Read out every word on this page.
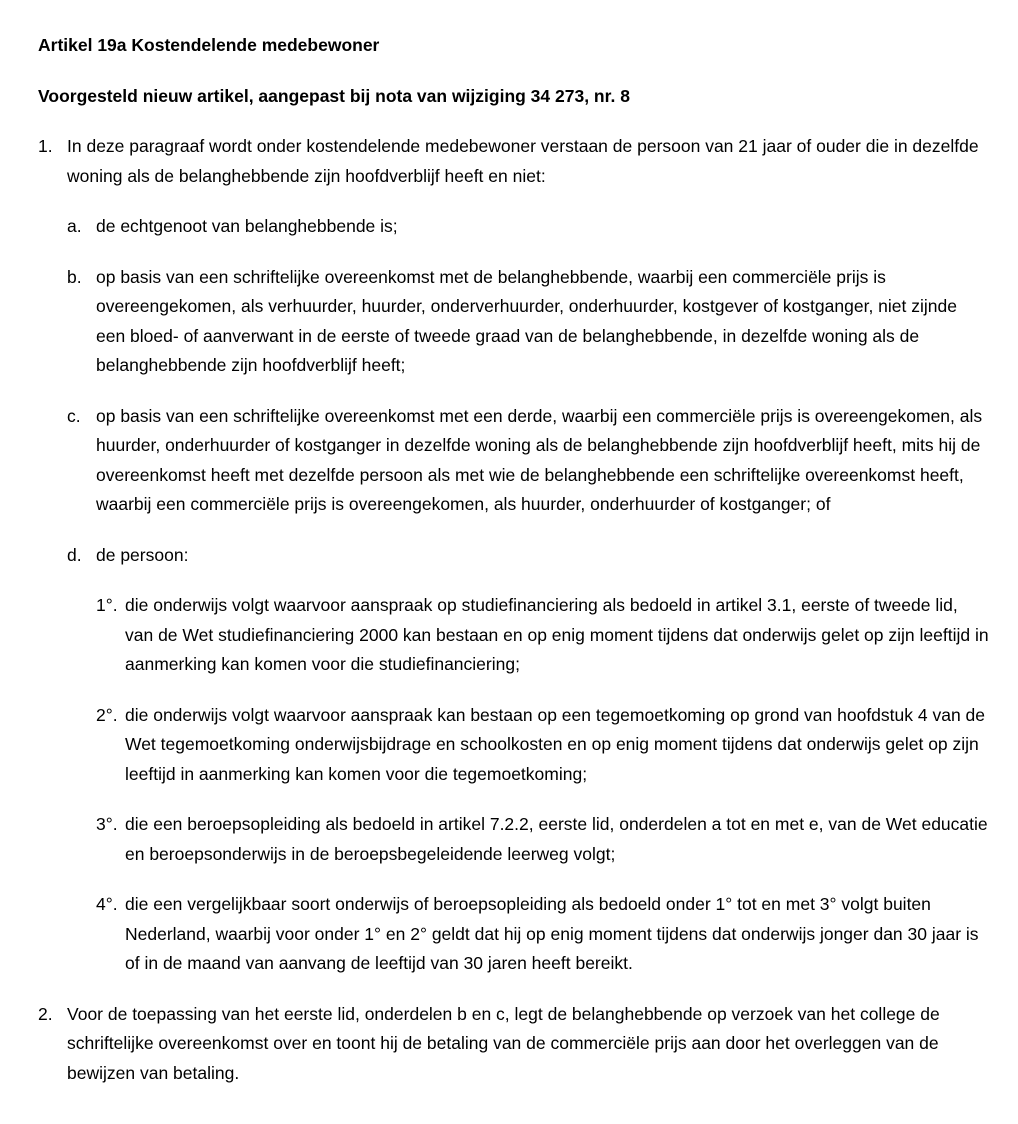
Artikel 19a Kostendelende medebewoner

Voorgesteld nieuw artikel, aangepast bij nota van wijziging 34 273, nr. 8

1. In deze paragraaf wordt onder kostendelende medebewoner verstaan de persoon van 21 jaar of ouder die in dezelfde woning als de belanghebbende zijn hoofdverblijf heeft en niet:
a. de echtgenoot van belanghebbende is;
b. op basis van een schriftelijke overeenkomst met de belanghebbende, waarbij een commerciële prijs is overeengekomen, als verhuurder, huurder, onderverhuurder, onderhuurder, kostgever of kostganger, niet zijnde een bloed- of aanverwant in de eerste of tweede graad van de belanghebbende, in dezelfde woning als de belanghebbende zijn hoofdverblijf heeft;
c. op basis van een schriftelijke overeenkomst met een derde, waarbij een commerciële prijs is overeengekomen, als huurder, onderhuurder of kostganger in dezelfde woning als de belanghebbende zijn hoofdverblijf heeft, mits hij de overeenkomst heeft met dezelfde persoon als met wie de belanghebbende een schriftelijke overeenkomst heeft, waarbij een commerciële prijs is overeengekomen, als huurder, onderhuurder of kostganger; of
d. de persoon:
1°. die onderwijs volgt waarvoor aanspraak op studiefinanciering als bedoeld in artikel 3.1, eerste of tweede lid, van de Wet studiefinanciering 2000 kan bestaan en op enig moment tijdens dat onderwijs gelet op zijn leeftijd in aanmerking kan komen voor die studiefinanciering;
2°. die onderwijs volgt waarvoor aanspraak kan bestaan op een tegemoetkoming op grond van hoofdstuk 4 van de Wet tegemoetkoming onderwijsbijdrage en schoolkosten en op enig moment tijdens dat onderwijs gelet op zijn leeftijd in aanmerking kan komen voor die tegemoetkoming;
3°. die een beroepsopleiding als bedoeld in artikel 7.2.2, eerste lid, onderdelen a tot en met e, van de Wet educatie en beroepsonderwijs in de beroepsbegeleidende leerweg volgt;
4°. die een vergelijkbaar soort onderwijs of beroepsopleiding als bedoeld onder 1° tot en met 3° volgt buiten Nederland, waarbij voor onder 1° en 2° geldt dat hij op enig moment tijdens dat onderwijs jonger dan 30 jaar is of in de maand van aanvang de leeftijd van 30 jaren heeft bereikt.
2. Voor de toepassing van het eerste lid, onderdelen b en c, legt de belanghebbende op verzoek van het college de schriftelijke overeenkomst over en toont hij de betaling van de commerciële prijs aan door het overleggen van de bewijzen van betaling.
